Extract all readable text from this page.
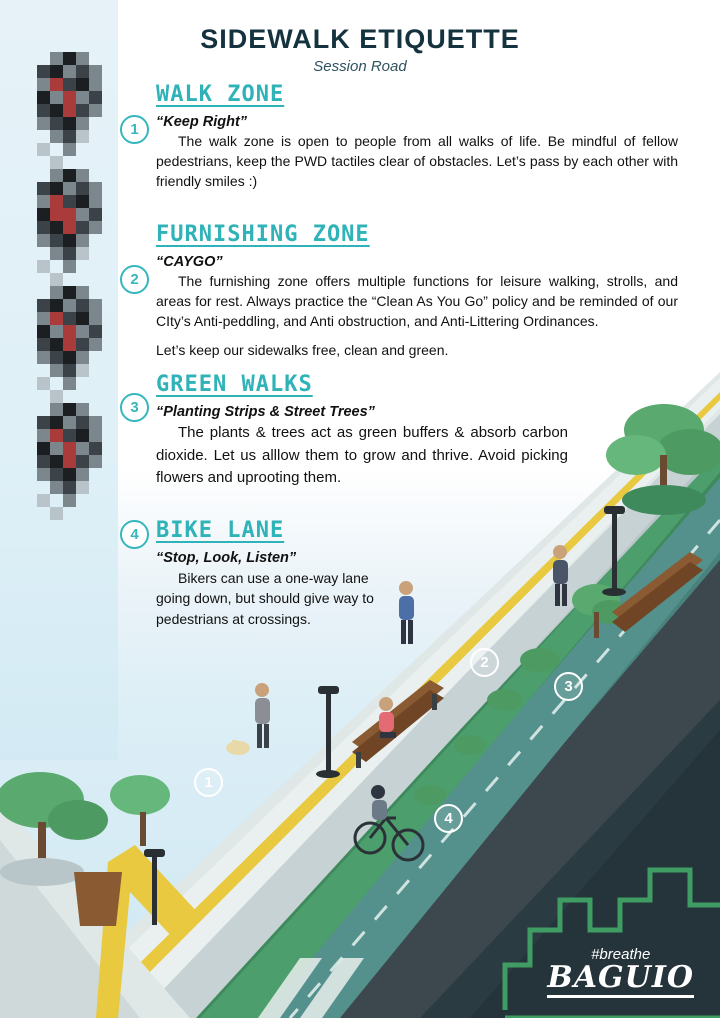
SIDEWALK ETIQUETTE
Session Road
1
WALK ZONE
“Keep Right”
The walk zone is open to people from all walks of life. Be mindful of fellow pedestrians, keep the PWD tactiles clear of obstacles. Let’s pass by each other with friendly smiles :)
2
FURNISHING ZONE
“CAYGO”
The furnishing zone offers multiple functions for leisure walking, strolls, and areas for rest. Always practice the “Clean As You Go” policy and be reminded of our CIty’s Anti-peddling, and Anti obstruction, and Anti-Littering Ordinances.
Let’s keep our sidewalks free, clean and green.
3
GREEN WALKS
“Planting Strips & Street Trees”
The plants & trees act as green buffers & absorb carbon dioxide. Let us alllow them to grow and thrive. Avoid picking flowers and uprooting them.
4 BIKE LANE
“Stop, Look, Listen”
Bikers can use a one-way lane going down, but should give way to pedestrians at crossings.
1
2
3
4
#breathe
BAGUIO
